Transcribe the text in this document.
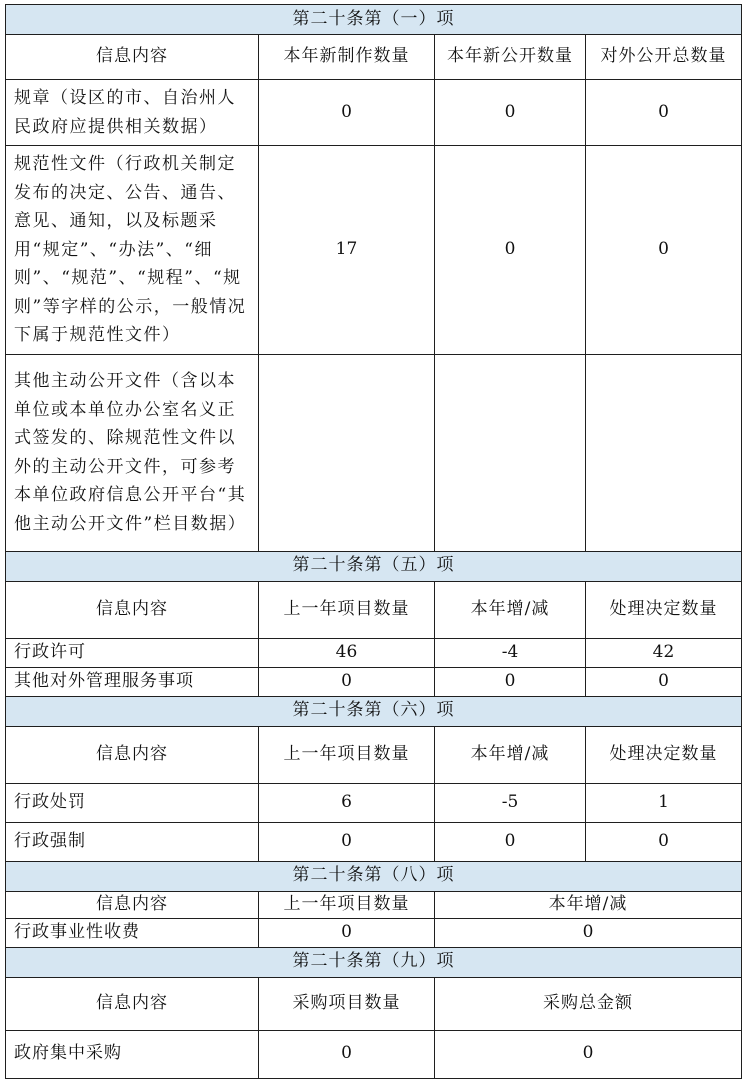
第二十条第（一）项			
信息内容	本年新制作数量	本年新公开数量	对外公开总数量
规章（设区的市、自治州人民政府应提供相关数据）	0	0	0
规范性文件（行政机关制定发布的决定、公告、通告、意见、通知，以及标题采用“规定”、“办法”、“细则”、“规范”、“规程”、“规则”等字样的公示，一般情况下属于规范性文件）	17	0	0
其他主动公开文件（含以本单位或本单位办公室名义正式签发的、除规范性文件以外的主动公开文件，可参考本单位政府信息公开平台“其他主动公开文件”栏目数据）			
第二十条第（五）项			
信息内容	上一年项目数量	本年增/减	处理决定数量
行政许可	46	-4	42
其他对外管理服务事项	0	0	0
第二十条第（六）项			
信息内容	上一年项目数量	本年增/减	处理决定数量
行政处罚	6	-5	1
行政强制	0	0	0
第二十条第（八）项			
信息内容	上一年项目数量	本年增/减	
行政事业性收费	0	0	
第二十条第（九）项			
信息内容	采购项目数量	采购总金额	
政府集中采购	0	0	
